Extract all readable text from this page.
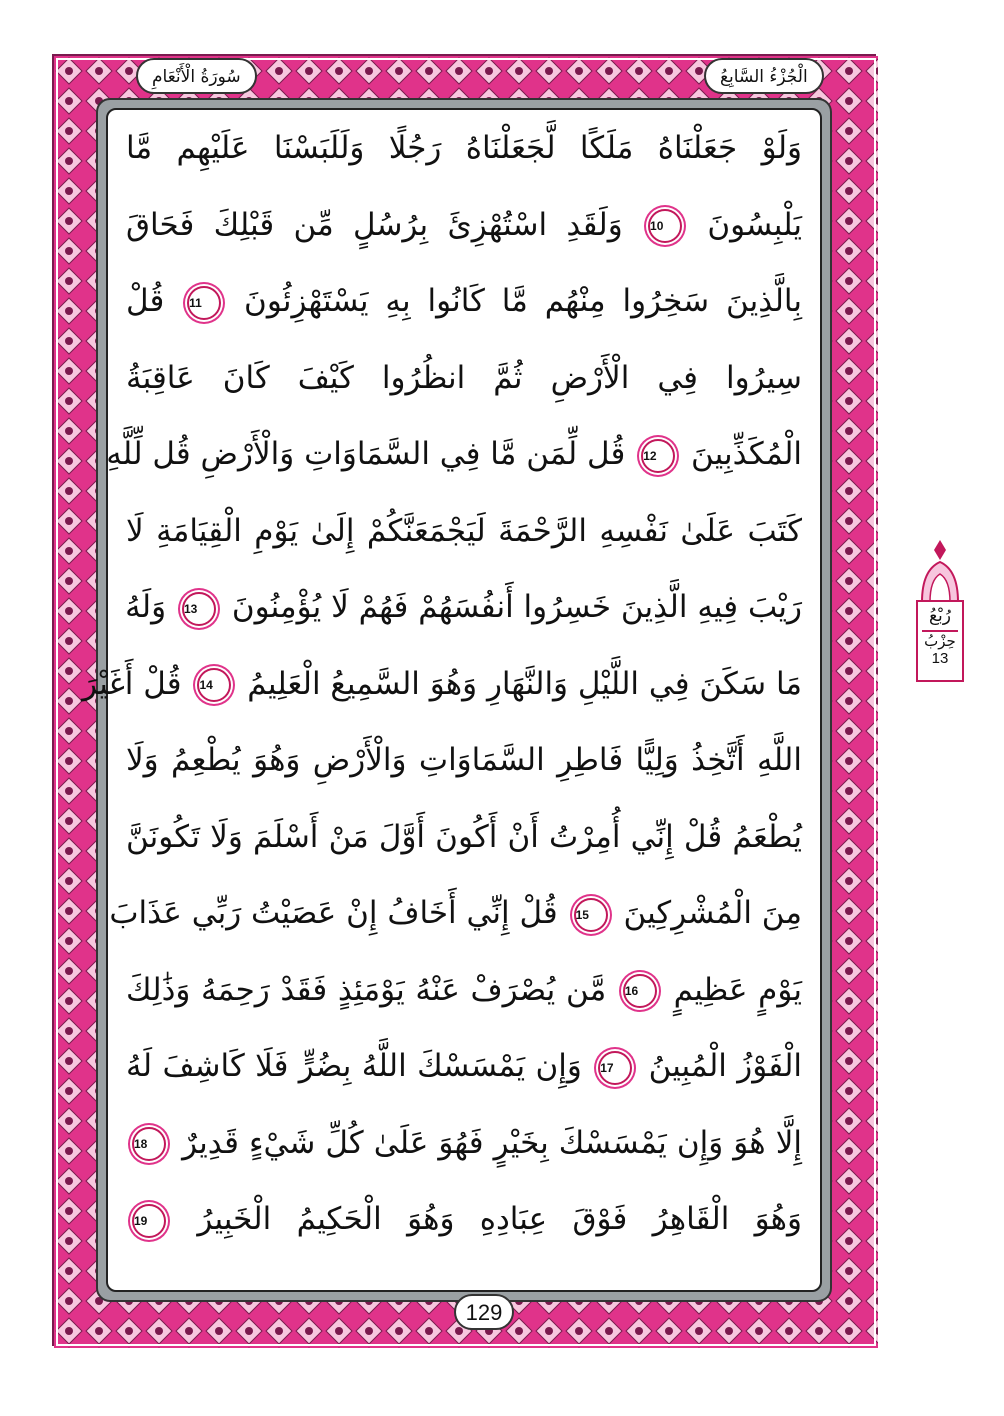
وَلَوْ جَعَلْنَاهُ مَلَكًا لَّجَعَلْنَاهُ رَجُلًا وَلَلَبَسْنَا عَلَيْهِم مَّا
يَلْبِسُونَ 10 وَلَقَدِ اسْتُهْزِئَ بِرُسُلٍ مِّن قَبْلِكَ فَحَاقَ
بِالَّذِينَ سَخِرُوا مِنْهُم مَّا كَانُوا بِهِ يَسْتَهْزِئُونَ 11 قُلْ
سِيرُوا فِي الْأَرْضِ ثُمَّ انظُرُوا كَيْفَ كَانَ عَاقِبَةُ
الْمُكَذِّبِينَ 12 قُل لِّمَن مَّا فِي السَّمَاوَاتِ وَالْأَرْضِ قُل لِّلَّهِ
كَتَبَ عَلَىٰ نَفْسِهِ الرَّحْمَةَ لَيَجْمَعَنَّكُمْ إِلَىٰ يَوْمِ الْقِيَامَةِ لَا
رَيْبَ فِيهِ الَّذِينَ خَسِرُوا أَنفُسَهُمْ فَهُمْ لَا يُؤْمِنُونَ 13 وَلَهُ
مَا سَكَنَ فِي اللَّيْلِ وَالنَّهَارِ وَهُوَ السَّمِيعُ الْعَلِيمُ 14 قُلْ أَغَيْرَ
اللَّهِ أَتَّخِذُ وَلِيًّا فَاطِرِ السَّمَاوَاتِ وَالْأَرْضِ وَهُوَ يُطْعِمُ وَلَا
يُطْعَمُ قُلْ إِنِّي أُمِرْتُ أَنْ أَكُونَ أَوَّلَ مَنْ أَسْلَمَ وَلَا تَكُونَنَّ
مِنَ الْمُشْرِكِينَ 15 قُلْ إِنِّي أَخَافُ إِنْ عَصَيْتُ رَبِّي عَذَابَ
يَوْمٍ عَظِيمٍ 16 مَّن يُصْرَفْ عَنْهُ يَوْمَئِذٍ فَقَدْ رَحِمَهُ وَذَٰلِكَ
الْفَوْزُ الْمُبِينُ 17 وَإِن يَمْسَسْكَ اللَّهُ بِضُرٍّ فَلَا كَاشِفَ لَهُ
إِلَّا هُوَ وَإِن يَمْسَسْكَ بِخَيْرٍ فَهُوَ عَلَىٰ كُلِّ شَيْءٍ قَدِيرٌ 18
وَهُوَ الْقَاهِرُ فَوْقَ عِبَادِهِ وَهُوَ الْحَكِيمُ الْخَبِيرُ 19
الْجُزْءُ السَّابِعُ
سُورَةُ الْأَنْعَامِ
129
رُبْعُ
حِزْبُ
13
